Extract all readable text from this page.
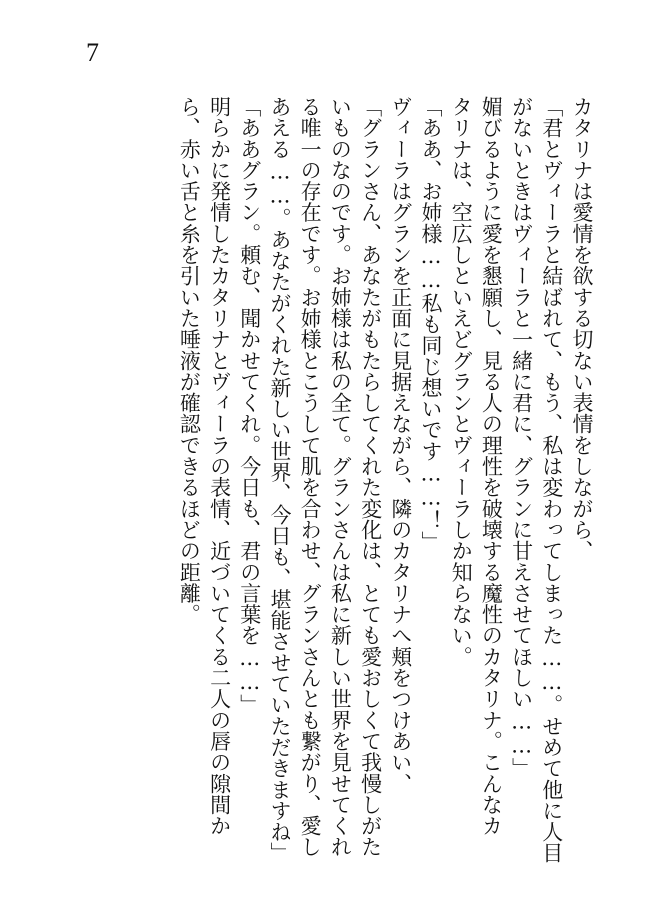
7
カタリナは愛情を欲する切ない表情をしながら、
「君とヴィーラと結ばれて、もう、私は変わってしまった……。せめて他に人目
がないときはヴィーラと一緒に君に、グランに甘えさせてほしい……」
媚びるように愛を懇願し、見る人の理性を破壊する魔性のカタリナ。こんなカ
タリナは、空広しといえどグランとヴィーラしか知らない。
「ああ、お姉様……私も同じ想いです……！」
ヴィーラはグランを正面に見据えながら、隣のカタリナへ頬をつけあい、
「グランさん、あなたがもたらしてくれた変化は、とても愛おしくて我慢しがた
いものなのです。お姉様は私の全て。グランさんは私に新しい世界を見せてくれ
る唯一の存在です。お姉様とこうして肌を合わせ、グランさんとも繋がり、愛し
あえる……。あなたがくれた新しい世界、今日も、堪能させていただきますね」
「ああグラン。頼む、聞かせてくれ。今日も、君の言葉を……」
明らかに発情したカタリナとヴィーラの表情、近づいてくる二人の唇の隙間か
ら、赤い舌と糸を引いた唾液が確認できるほどの距離。
